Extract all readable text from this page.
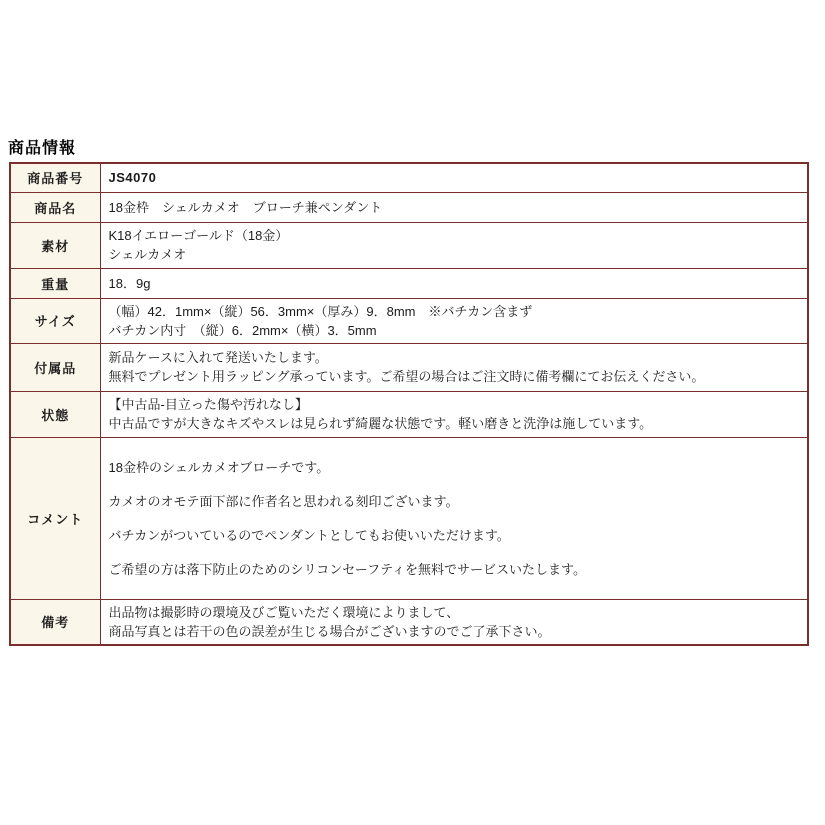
商品情報
商品番号	JS4070

商品名	18金枠　シェルカメオ　ブローチ兼ペンダント

素材	K18イエローゴールド（18金）
シェルカメオ

重量	18．9g

サイズ	（幅）42．1mm×（縦）56．3mm×（厚み）9．8mm　※バチカン含まず
バチカン内寸　（縦）6．2mm×（横）3．5mm

付属品	新品ケースに入れて発送いたします。
無料でプレゼント用ラッピング承っています。ご希望の場合はご注文時に備考欄にてお伝えください。

状態	【中古品-目立った傷や汚れなし】
中古品ですが大きなキズやスレは見られず綺麗な状態です。軽い磨きと洗浄は施しています。

コメント	18金枠のシェルカメオブローチです。
カメオのオモテ面下部に作者名と思われる刻印ございます。
バチカンがついているのでペンダントとしてもお使いいただけます。
ご希望の方は落下防止のためのシリコンセーフティを無料でサービスいたします。

備考	出品物は撮影時の環境及びご覧いただく環境によりまして、
商品写真とは若干の色の誤差が生じる場合がございますのでご了承下さい。
